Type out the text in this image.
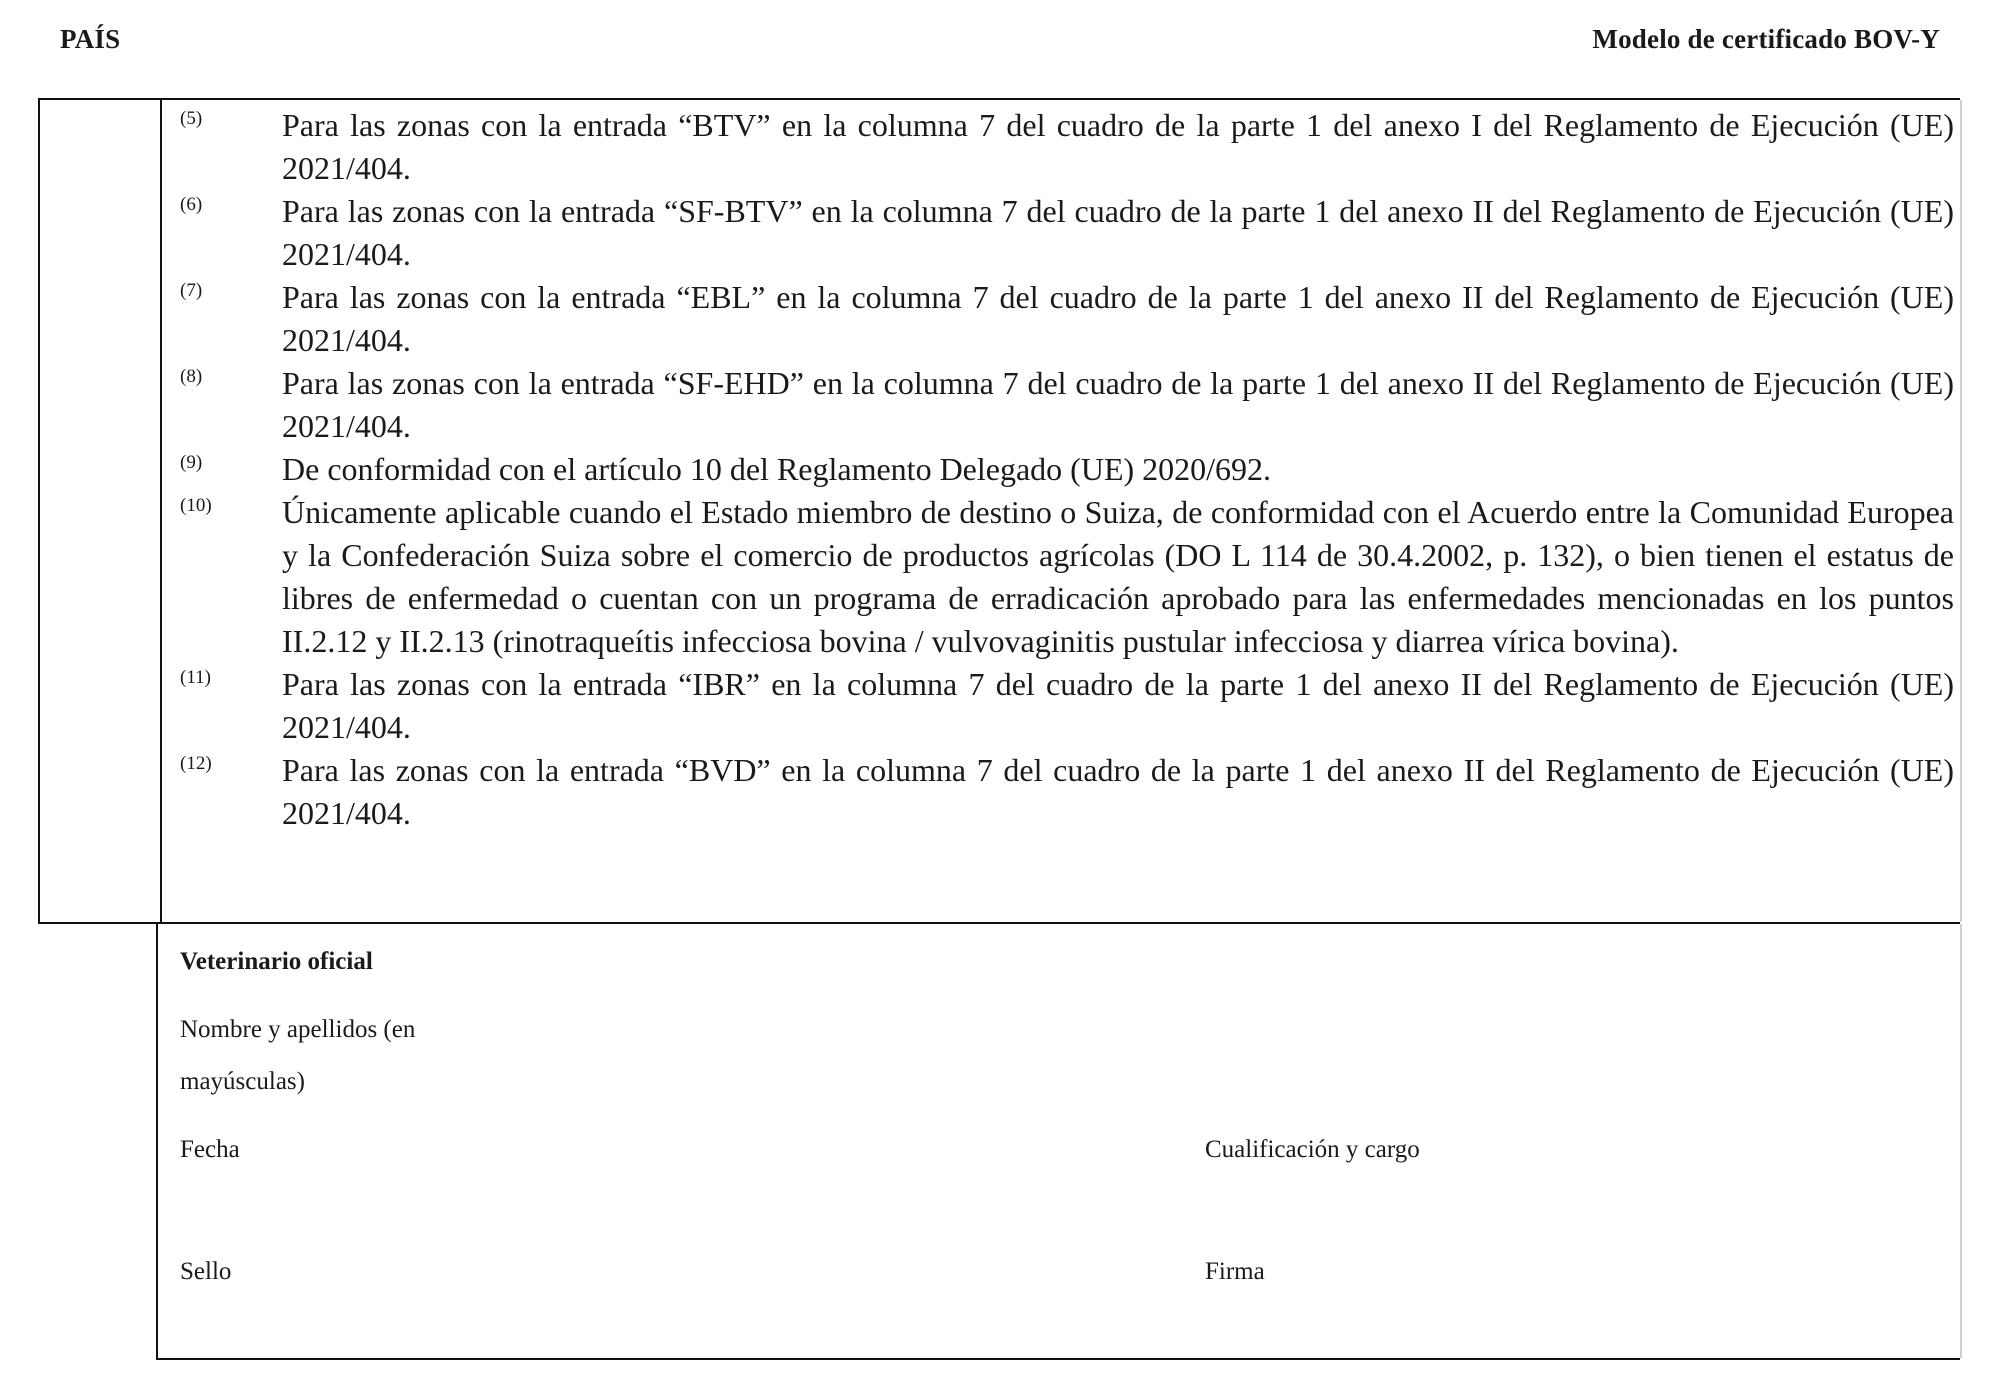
PAÍS	Modelo de certificado BOV-Y
(5) Para las zonas con la entrada “BTV” en la columna 7 del cuadro de la parte 1 del anexo I del Reglamento de Ejecución (UE) 2021/404.
(6) Para las zonas con la entrada “SF-BTV” en la columna 7 del cuadro de la parte 1 del anexo II del Reglamento de Ejecución (UE) 2021/404.
(7) Para las zonas con la entrada “EBL” en la columna 7 del cuadro de la parte 1 del anexo II del Reglamento de Ejecución (UE) 2021/404.
(8) Para las zonas con la entrada “SF-EHD” en la columna 7 del cuadro de la parte 1 del anexo II del Reglamento de Ejecución (UE) 2021/404.
(9) De conformidad con el artículo 10 del Reglamento Delegado (UE) 2020/692.
(10) Únicamente aplicable cuando el Estado miembro de destino o Suiza, de conformidad con el Acuerdo entre la Comunidad Europea y la Confederación Suiza sobre el comercio de productos agrícolas (DO L 114 de 30.4.2002, p. 132), o bien tienen el estatus de libres de enfermedad o cuentan con un programa de erradicación aprobado para las enfermedades mencionadas en los puntos II.2.12 y II.2.13 (rinotraqueítis infecciosa bovina / vulvovaginitis pustular infecciosa y diarrea vírica bovina).
(11) Para las zonas con la entrada “IBR” en la columna 7 del cuadro de la parte 1 del anexo II del Reglamento de Ejecución (UE) 2021/404.
(12) Para las zonas con la entrada “BVD” en la columna 7 del cuadro de la parte 1 del anexo II del Reglamento de Ejecución (UE) 2021/404.
Veterinario oficial
Nombre y apellidos (en
mayúsculas)
Fecha	Cualificación y cargo
Sello	Firma
